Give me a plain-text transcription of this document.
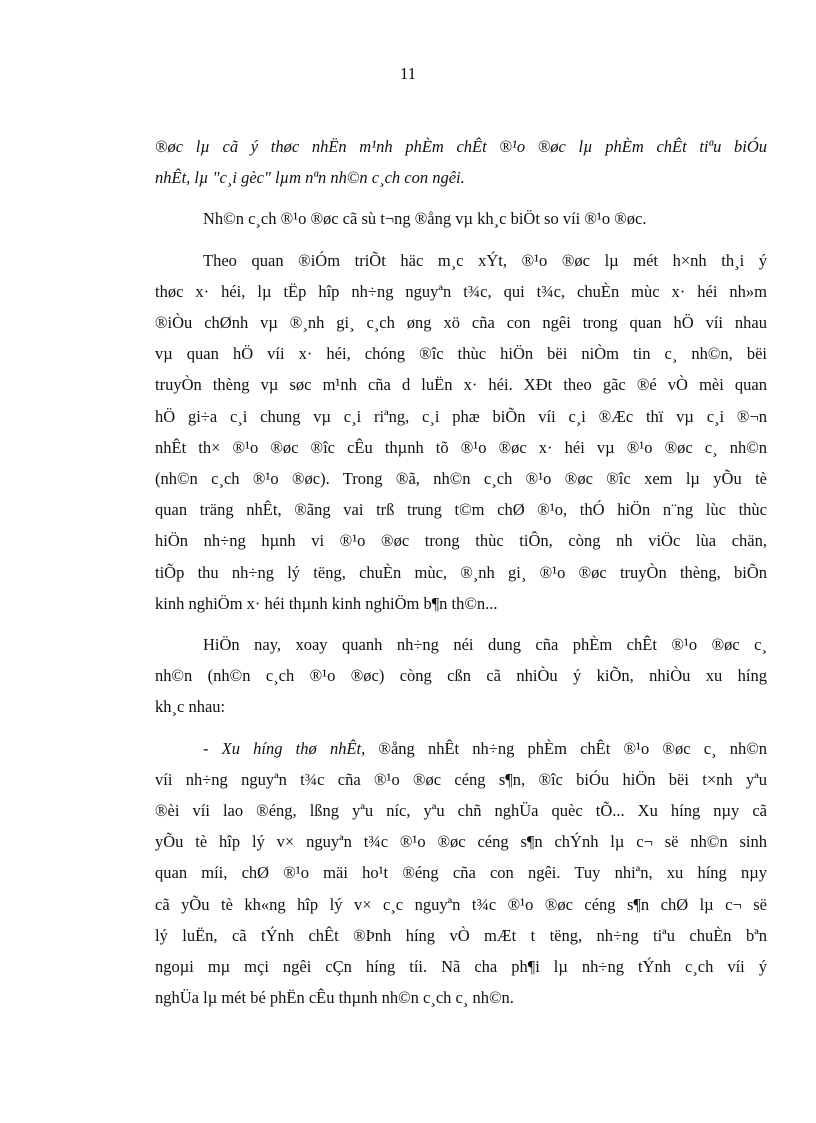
11

®øc lµ cã ý thøc nhËn m¹nh phÈm chÊt ®¹o ®øc lµ phÈm chÊt tiªu biÓu

nhÊt, lµ "c¸i gèc" lµm nªn nh©n c¸ch con ngêi.

Nh©n c¸ch ®¹o ®øc cã sù t¬ng ®ång vµ kh¸c biÖt so víi ®¹o ®øc.

Theo quan ®iÓm triÕt häc m¸c xÝt, ®¹o ®øc lµ mét h×nh th¸i ý

thøc x· héi, lµ tËp hîp nh÷ng nguyªn t¾c, qui t¾c, chuÈn mùc x· héi nh»m

®iÒu chØnh vµ ®¸nh gi¸ c¸ch øng xö cña con ngêi trong quan hÖ víi nhau

vµ quan hÖ víi x· héi, chóng ®îc thùc hiÖn bëi niÒm tin c¸ nh©n, bëi

truyÒn thèng vµ søc m¹nh cña d luËn x· héi. XÐt theo gãc ®é vÒ mèi quan

hÖ gi÷a c¸i chung vµ c¸i riªng, c¸i phæ biÕn víi c¸i ®Æc thï vµ c¸i ®¬n

nhÊt th× ®¹o ®øc ®îc cÊu thµnh tõ ®¹o ®øc x· héi vµ ®¹o ®øc c¸ nh©n

(nh©n c¸ch ®¹o ®øc). Trong ®ã, nh©n c¸ch ®¹o ®øc ®îc xem lµ yÕu tè

quan träng nhÊt, ®ãng vai trß trung t©m chØ ®¹o, thÓ hiÖn n¨ng lùc thùc

hiÖn nh÷ng hµnh vi ®¹o ®øc trong thùc tiÔn, còng nh viÖc lùa chän,

tiÕp thu nh÷ng lý tëng, chuÈn mùc, ®¸nh gi¸ ®¹o ®øc truyÒn thèng, biÕn

kinh nghiÖm x· héi thµnh kinh nghiÖm b¶n th©n...

HiÖn nay, xoay quanh nh÷ng néi dung cña phÈm chÊt ®¹o ®øc c¸

nh©n (nh©n c¸ch ®¹o ®øc) còng cßn cã nhiÒu ý kiÕn, nhiÒu xu híng

kh¸c nhau:

- Xu híng thø nhÊt, ®ång nhÊt nh÷ng phÈm chÊt ®¹o ®øc c¸ nh©n

víi nh÷ng nguyªn t¾c cña ®¹o ®øc céng s¶n, ®îc biÓu hiÖn bëi t×nh yªu

®èi víi lao ®éng, lßng yªu níc, yªu chñ nghÜa quèc tÕ... Xu híng nµy cã

yÕu tè hîp lý v× nguyªn t¾c ®¹o ®øc céng s¶n chÝnh lµ c¬ së nh©n sinh

quan míi, chØ ®¹o mäi ho¹t ®éng cña con ngêi. Tuy nhiªn, xu híng nµy

cã yÕu tè kh«ng hîp lý v× c¸c nguyªn t¾c ®¹o ®øc céng s¶n chØ lµ c¬ së

lý luËn, cã tÝnh chÊt ®Þnh híng vÒ mÆt t tëng, nh÷ng tiªu chuÈn bªn

ngoµi mµ mçi ngêi cÇn híng tíi. Nã cha ph¶i lµ nh÷ng tÝnh c¸ch víi ý

nghÜa lµ mét bé phËn cÊu thµnh nh©n c¸ch c¸ nh©n.
